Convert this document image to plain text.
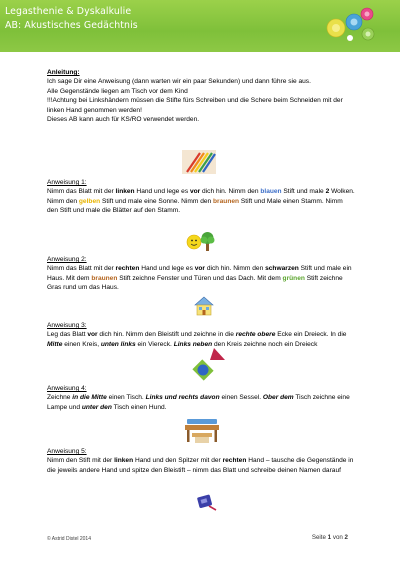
Legasthenie & Dyskalkulie
AB: Akustisches Gedächtnis

Anleitung:

Ich sage Dir eine Anweisung (dann warten wir ein paar Sekunden) und dann führe sie aus.

Alle Gegenstände liegen am Tisch vor dem Kind

!!!Achtung bei Linkshändern müssen die Stifte fürs Schreiben und die Schere beim Schneiden mit der linken Hand genommen werden!

Dieses AB kann auch für KS/RO verwendet werden.

Anweisung 1:

Nimm das Blatt mit der linken Hand und lege es vor dich hin. Nimm den blauen Stift und male 2 Wolken. Nimm den gelben Stift und male eine Sonne. Nimm den braunen Stift und Male einen Stamm. Nimm den Stift und male die Blätter auf den Stamm.

Anweisung 2:

Nimm das Blatt mit der rechten Hand und lege es vor dich hin. Nimm den schwarzen Stift und male ein Haus. Mit dem braunen Stift zeichne Fenster und Türen und das Dach. Mit dem grünen Stift zeichne Gras rund um das Haus.

Anweisung 3:

Leg das Blatt vor dich hin. Nimm den Bleistift und zeichne in die rechte obere Ecke ein Dreieck. In die Mitte einen Kreis, unten links ein Viereck. Links neben den Kreis zeichne noch ein Dreieck

Anweisung 4:

Zeichne in die Mitte einen Tisch. Links und rechts davon einen Sessel. Ober dem Tisch zeichne eine Lampe und unter den Tisch einen Hund.

Anweisung 5:

Nimm den Stift mit der linken Hand und den Spitzer mit der rechten Hand – tausche die Gegenstände in die jeweils andere Hand und spitze den Bleistift – nimm das Blatt und schreibe deinen Namen darauf

© Astrid Distel 2014	Seite 1 von 2
